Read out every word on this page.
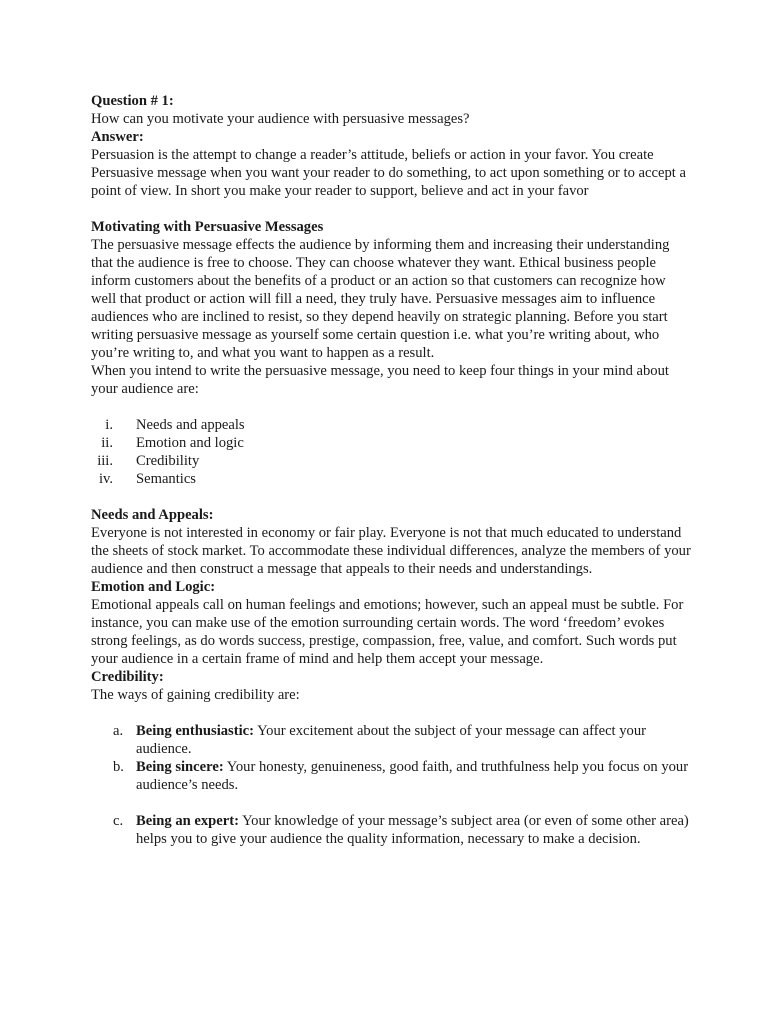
Question # 1:
How can you motivate your audience with persuasive messages?
Answer:
Persuasion is the attempt to change a reader’s attitude, beliefs or action in your favor. You create Persuasive message when you want your reader to do something, to act upon something or to accept a point of view. In short you make your reader to support, believe and act in your favor
Motivating with Persuasive Messages
The persuasive message effects the audience by informing them and increasing their understanding that the audience is free to choose. They can choose whatever they want. Ethical business people inform customers about the benefits of a product or an action so that customers can recognize how well that product or action will fill a need, they truly have. Persuasive messages aim to influence audiences who are inclined to resist, so they depend heavily on strategic planning. Before you start writing persuasive message as yourself some certain question i.e. what you’re writing about, who you’re writing to, and what you want to happen as a result.
When you intend to write the persuasive message, you need to keep four things in your mind about your audience are:
i. Needs and appeals
ii. Emotion and logic
iii. Credibility
iv. Semantics
Needs and Appeals:
Everyone is not interested in economy or fair play. Everyone is not that much educated to understand the sheets of stock market. To accommodate these individual differences, analyze the members of your audience and then construct a message that appeals to their needs and understandings.
Emotion and Logic:
Emotional appeals call on human feelings and emotions; however, such an appeal must be subtle. For instance, you can make use of the emotion surrounding certain words. The word ‘freedom’ evokes strong feelings, as do words success, prestige, compassion, free, value, and comfort. Such words put your audience in a certain frame of mind and help them accept your message.
Credibility:
The ways of gaining credibility are:
a. Being enthusiastic: Your excitement about the subject of your message can affect your audience.
b. Being sincere: Your honesty, genuineness, good faith, and truthfulness help you focus on your audience’s needs.
c. Being an expert: Your knowledge of your message’s subject area (or even of some other area) helps you to give your audience the quality information, necessary to make a decision.
